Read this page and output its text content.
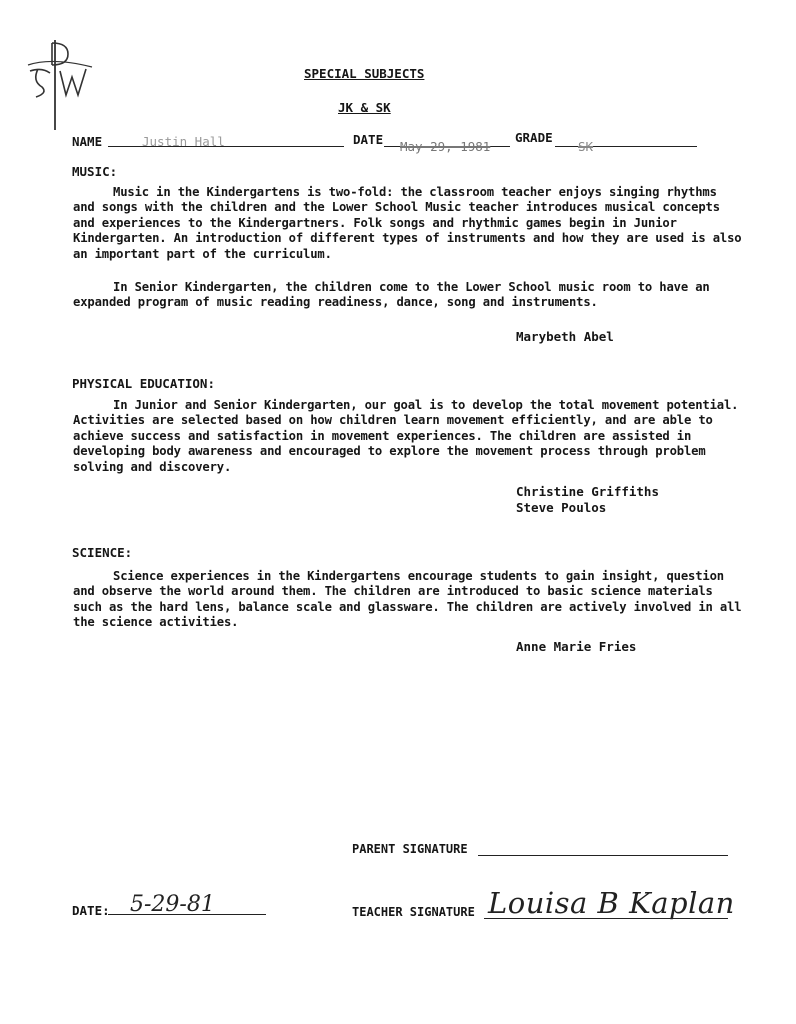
SPECIAL SUBJECTS
JK & SK
NAME	Justin Hall	DATE May 29, 1981
GRADE
SK
MUSIC:

Music in the Kindergartens is two-fold: the classroom teacher enjoys singing rhythms and songs with the children and the Lower School Music teacher introduces musical concepts and experiences to the Kindergartners. Folk songs and rhythmic games begin in Junior Kindergarten. An introduction of different types of instruments and how they are used is also an important part of the curriculum.

In Senior Kindergarten, the children come to the Lower School music room to have an expanded program of music reading readiness, dance, song and instruments.

Marybeth Abel
PHYSICAL EDUCATION:

In Junior and Senior Kindergarten, our goal is to develop the total movement potential. Activities are selected based on how children learn movement efficiently, and are able to achieve success and satisfaction in movement experiences. The children are assisted in developing body awareness and encouraged to explore the movement process through problem solving and discovery.

Christine Griffiths
Steve Poulos
SCIENCE:

Science experiences in the Kindergartens encourage students to gain insight, question and observe the world around them. The children are introduced to basic science materials such as the hard lens, balance scale and glassware. The children are actively involved in all the science activities.

Anne Marie Fries
PARENT SIGNATURE
DATE: 5-29-81	TEACHER SIGNATURE Louisa B Kaplan
